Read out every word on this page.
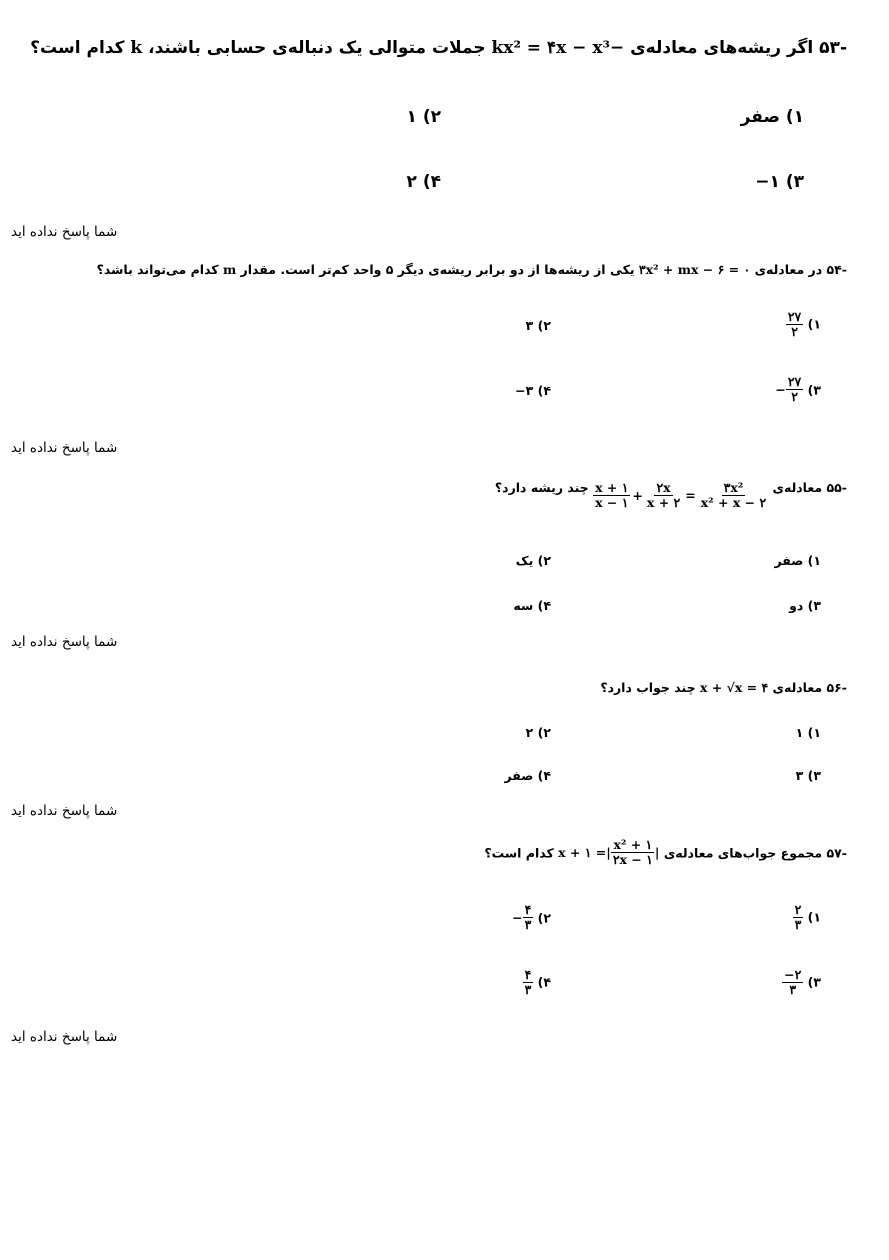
-۵۳ اگر ریشه‌های معادله‌ی kx² = ۴x − x³− جملات متوالی یک دنباله‌ی حسابی باشند، k کدام است؟
۱) صفر
۲) ۱
۳) ۱−
۴) ۲
شما پاسخ نداده اید
-۵۴ در معادله‌ی ۳x² + mx − ۶ = ۰ یکی از ریشه‌ها از دو برابر ریشه‌ی دیگر ۵ واحد کم‌تر است. مقدار m کدام می‌تواند باشد؟
۱)
$\frac{۲۷}{۲}$
۲) ۳
۳)
− $\frac{۲۷}{۲}$
۴) ۳−
شما پاسخ نداده اید
-۵۵ معادله‌ی
$\frac{x + ۱}{x - ۱} + \frac{۲x}{x + ۲} = \frac{\text{۳x²}}{\text{x² + x − ۲}}$
چند ریشه دارد؟
۱) صفر
۲) یک
۳) دو
۴) سه
شما پاسخ نداده اید
-۵۶ معادله‌ی x + √x = ۴ چند جواب دارد؟
۱) ۱
۲) ۲
۳) ۳
۴) صفر
شما پاسخ نداده اید
-۵۷ مجموع جواب‌های معادله‌ی
x + ۱ =| $\frac{\text{x² + ۱}}{۲x - ۱}$ |
کدام است؟
۱)
$\frac{۲}{۳}$
۲)
− $\frac{۴}{۳}$
۳)
$\frac{۲-}{۳}$
۴)
$\frac{۴}{۳}$
شما پاسخ نداده اید
